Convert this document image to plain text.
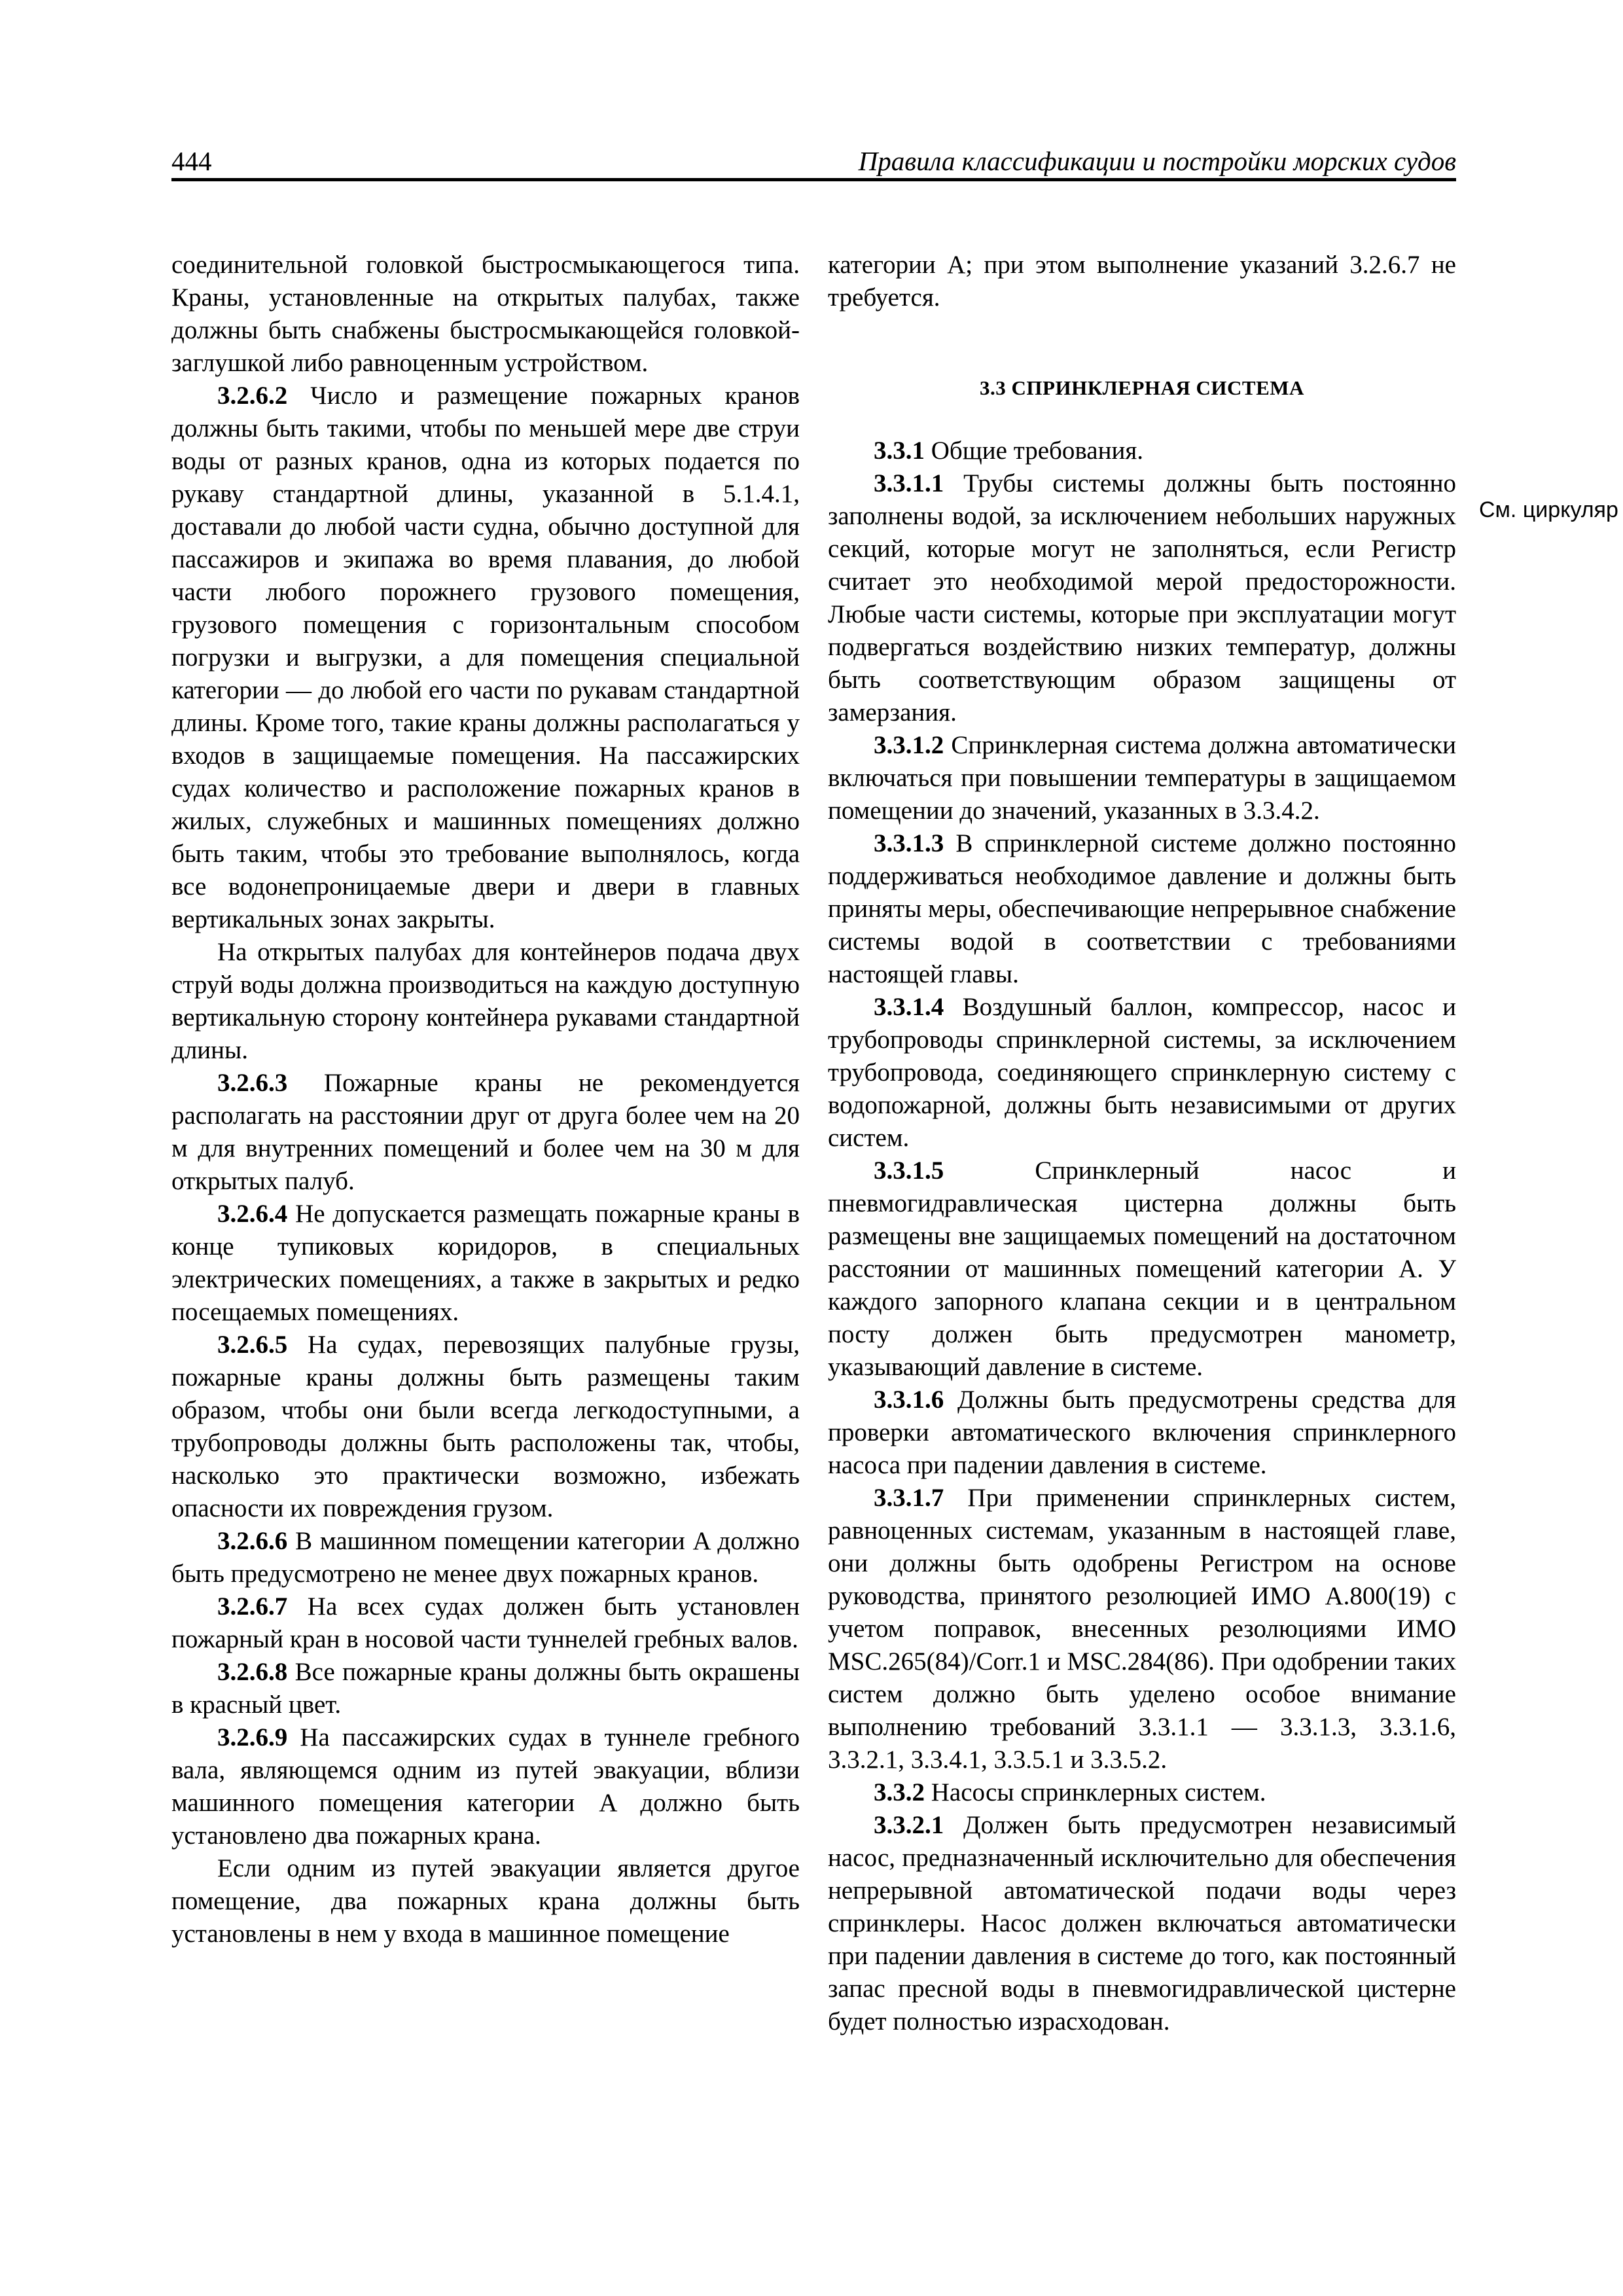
444	Правила классификации и постройки морских судов
См. циркуляр

соединительной головкой быстросмыкающегося типа. Краны, установленные на открытых палубах, также должны быть снабжены быстросмыкающейся головкой-заглушкой либо равноценным устройством.

3.2.6.2 Число и размещение пожарных кранов должны быть такими, чтобы по меньшей мере две струи воды от разных кранов, одна из которых подается по рукаву стандартной длины, указанной в 5.1.4.1, доставали до любой части судна, обычно доступной для пассажиров и экипажа во время плавания, до любой части любого порожнего грузового помещения, грузового помещения с горизонтальным способом погрузки и выгрузки, а для помещения специальной категории — до любой его части по рукавам стандартной длины. Кроме того, такие краны должны располагаться у входов в защищаемые помещения. На пассажирских судах количество и расположение пожарных кранов в жилых, служебных и машинных помещениях должно быть таким, чтобы это требование выполнялось, когда все водонепроницаемые двери и двери в главных вертикальных зонах закрыты.

На открытых палубах для контейнеров подача двух струй воды должна производиться на каждую доступную вертикальную сторону контейнера рукавами стандартной длины.

3.2.6.3 Пожарные краны не рекомендуется располагать на расстоянии друг от друга более чем на 20 м для внутренних помещений и более чем на 30 м для открытых палуб.

3.2.6.4 Не допускается размещать пожарные краны в конце тупиковых коридоров, в специальных электрических помещениях, а также в закрытых и редко посещаемых помещениях.

3.2.6.5 На судах, перевозящих палубные грузы, пожарные краны должны быть размещены таким образом, чтобы они были всегда легкодоступными, а трубопроводы должны быть расположены так, чтобы, насколько это практически возможно, избежать опасности их повреждения грузом.

3.2.6.6 В машинном помещении категории A должно быть предусмотрено не менее двух пожарных кранов.

3.2.6.7 На всех судах должен быть установлен пожарный кран в носовой части туннелей гребных валов.

3.2.6.8 Все пожарные краны должны быть окрашены в красный цвет.

3.2.6.9 На пассажирских судах в туннеле гребного вала, являющемся одним из путей эвакуации, вблизи машинного помещения категории A должно быть установлено два пожарных крана.

Если одним из путей эвакуации является другое помещение, два пожарных крана должны быть установлены в нем у входа в машинное помещение

категории A; при этом выполнение указаний 3.2.6.7 не требуется.

3.3 СПРИНКЛЕРНАЯ СИСТЕМА

3.3.1 Общие требования.

3.3.1.1 Трубы системы должны быть постоянно заполнены водой, за исключением небольших наружных секций, которые могут не заполняться, если Регистр считает это необходимой мерой предосторожности. Любые части системы, которые при эксплуатации могут подвергаться воздействию низких температур, должны быть соответствующим образом защищены от замерзания.

3.3.1.2 Спринклерная система должна автоматически включаться при повышении температуры в защищаемом помещении до значений, указанных в 3.3.4.2.

3.3.1.3 В спринклерной системе должно постоянно поддерживаться необходимое давление и должны быть приняты меры, обеспечивающие непрерывное снабжение системы водой в соответствии с требованиями настоящей главы.

3.3.1.4 Воздушный баллон, компрессор, насос и трубопроводы спринклерной системы, за исключением трубопровода, соединяющего спринклерную систему с водопожарной, должны быть независимыми от других систем.

3.3.1.5	Спринклерный насос и пневмогидравлическая цистерна должны быть размещены вне защищаемых помещений на достаточном расстоянии от машинных помещений категории A. У каждого запорного клапана секции и в центральном посту должен быть предусмотрен манометр, указывающий давление в системе.

3.3.1.6 Должны быть предусмотрены средства для проверки автоматического включения спринклерного насоса при падении давления в системе.

3.3.1.7 При применении спринклерных систем, равноценных системам, указанным в настоящей главе, они должны быть одобрены Регистром на основе руководства, принятого резолюцией ИМО A.800(19) с учетом поправок, внесенных резолюциями ИМО MSC.265(84)/Corr.1 и MSC.284(86). При одобрении таких систем должно быть уделено особое внимание выполнению требований 3.3.1.1 — 3.3.1.3, 3.3.1.6, 3.3.2.1, 3.3.4.1, 3.3.5.1 и 3.3.5.2.

3.3.2 Насосы спринклерных систем.

3.3.2.1 Должен быть предусмотрен независимый насос, предназначенный исключительно для обеспечения непрерывной автоматической подачи воды через спринклеры. Насос должен включаться автоматически при падении давления в системе до того, как постоянный запас пресной воды в пневмогидравлической цистерне будет полностью израсходован.
